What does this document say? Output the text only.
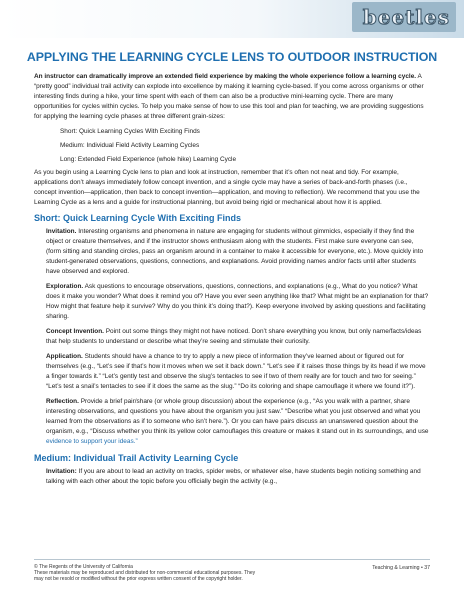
beetles
APPLYING THE LEARNING CYCLE LENS TO OUTDOOR INSTRUCTION

An instructor can dramatically improve an extended field experience by making the whole experience follow a learning cycle. A “pretty good” individual trail activity can explode into excellence by making it learning cycle-based. If you come across organisms or other interesting finds during a hike, your time spent with each of them can also be a productive mini-learning cycle. There are many opportunities for cycles within cycles. To help you make sense of how to use this tool and plan for teaching, we are providing suggestions for applying the learning cycle phases at three different grain-sizes:

Short: Quick Learning Cycles With Exciting Finds

Medium: Individual Field Activity Learning Cycles

Long: Extended Field Experience (whole hike) Learning Cycle

As you begin using a Learning Cycle lens to plan and look at instruction, remember that it’s often not neat and tidy. For example, applications don’t always immediately follow concept invention, and a single cycle may have a series of back-and-forth phases (i.e., concept invention—application, then back to concept invention—application, and moving to reflection). We recommend that you use the Learning Cycle as a lens and a guide for instructional planning, but avoid being rigid or mechanical about how it is applied.

Short: Quick Learning Cycle With Exciting Finds

Invitation. Interesting organisms and phenomena in nature are engaging for students without gimmicks, especially if they find the object or creature themselves, and if the instructor shows enthusiasm along with the students. First make sure everyone can see, (form sitting and standing circles, pass an organism around in a container to make it accessible for everyone, etc.). Move quickly into student-generated observations, questions, connections, and explanations. Avoid providing names and/or facts until after students have observed and explored.

Exploration. Ask questions to encourage observations, questions, connections, and explanations (e.g., What do you notice? What does it make you wonder? What does it remind you of? Have you ever seen anything like that? What might be an explanation for that? How might that feature help it survive? Why do you think it’s doing that?). Keep everyone involved by asking questions and facilitating sharing.

Concept Invention. Point out some things they might not have noticed. Don’t share everything you know, but only name/facts/ideas that help students to understand or describe what they’re seeing and stimulate their curiosity.

Application. Students should have a chance to try to apply a new piece of information they’ve learned about or figured out for themselves (e.g., “Let’s see if that’s how it moves when we set it back down.” “Let’s see if it raises those things by its head if we move a finger towards it.” “Let’s gently test and observe the slug’s tentacles to see if two of them really are for touch and two for seeing.” “Let’s test a snail’s tentacles to see if it does the same as the slug.” “Do its coloring and shape camouflage it where we found it?”).

Reflection. Provide a brief pair/share (or whole group discussion) about the experience (e.g., “As you walk with a partner, share interesting observations, and questions you have about the organism you just saw.” “Describe what you just observed and what you learned from the observations as if to someone who isn’t here.”). Or you can have pairs discuss an unanswered question about the organism, e.g., “Discuss whether you think its yellow color camouflages this creature or makes it stand out in its surroundings, and use evidence to support your ideas.”

Medium: Individual Trail Activity Learning Cycle

Invitation: If you are about to lead an activity on tracks, spider webs, or whatever else, have students begin noticing something and talking with each other about the topic before you officially begin the activity (e.g.,

© The Regents of the University of California
These materials may be reproduced and distributed for non-commercial educational purposes. They
may not be resold or modified without the prior express written consent of the copyright holder.
Teaching & Learning • 37
